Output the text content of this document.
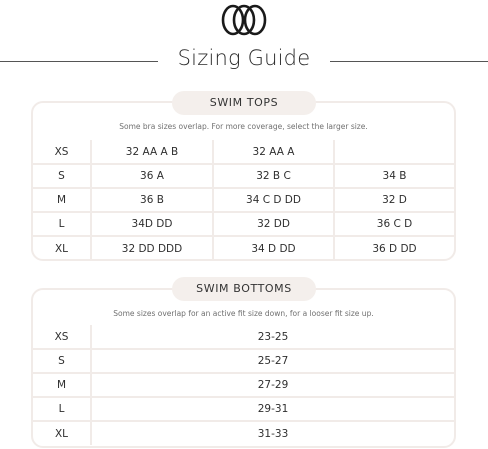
Sizing Guide
SWIM TOPS
Some bra sizes overlap. For more coverage, select the larger size.
XS	32 AA A B	32 AA A	
S	36 A	32 B C	34 B
M	36 B	34 C D DD	32 D
L	34D DD	32 DD	36 C D
XL	32 DD DDD	34 D DD	36 D DD
SWIM BOTTOMS
Some sizes overlap for an active fit size down, for a looser fit size up.
XS	23-25
S	25-27
M	27-29
L	29-31
XL	31-33
